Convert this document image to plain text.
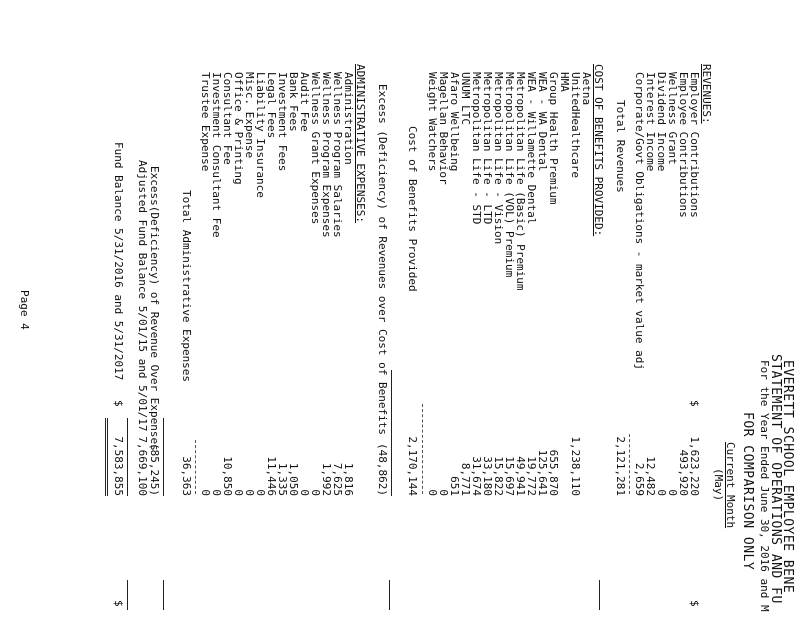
EVERETT SCHOOL EMPLOYEE BENE
STATEMENT OF OPERATIONS AND FU
For the Year Ended June 30, 2016 and M
FOR COMPARISON ONLY
Current Month
(May)
REVENUES:
Employer Contributions
$
1,623,220
$
Employee Contributions
493,920
Wellness Grant
0
Dividend Income
0
Interest Income
12,482
Corporate/Govt Obligations - market value adj
2,659
Total Revenues
2,121,281
COST OF BENEFITS PROVIDED:
Aetna
UnitedHealthcare
1,238,110
HMA
Group Health Premium
655,870
WEA - WA Dental
125,641
WEA - Willamette Dental
19,772
Metropolitan Life (Basic) Premium
49,941
Metropolitan Life (VOL) Premium
15,697
Metropolitan Life - Vision
15,822
Metropolitan Life - LTD
33,180
Metropolitan Life - STD
31,674
UNUM LTC
8,771
Afaro Wellbeing
651
Magellan Behavior
0
Weight Watchers
0
Cost of Benefits Provided
2,170,144
Excess (Deficiency) of Revenues over Cost of Benefits
(48,862)
ADMINISTRATIVE EXPENSES:
Administration
1,816
Wellness Program Salaries
7,625
Wellness Program Expenses
1,992
Wellness Grant Expenses
0
Audit Fee
0
Bank Fees
1,050
Investment Fees
1,335
Legal Fees
11,446
Liability Insurance
0
Misc. Expense
0
Office & Printing
0
Consultant Fee
10,850
Investment Consultant Fee
0
Trustee Expense
0
Total Administrative Expenses
36,363
Excess(Deficiency) of Revenue Over Expenses
(85,245)
Adjusted Fund Balance 5/01/15 and 5/01/17
7,669,100
Fund Balance 5/31/2016 and 5/31/2017
$
7,583,855
$
Page 4
